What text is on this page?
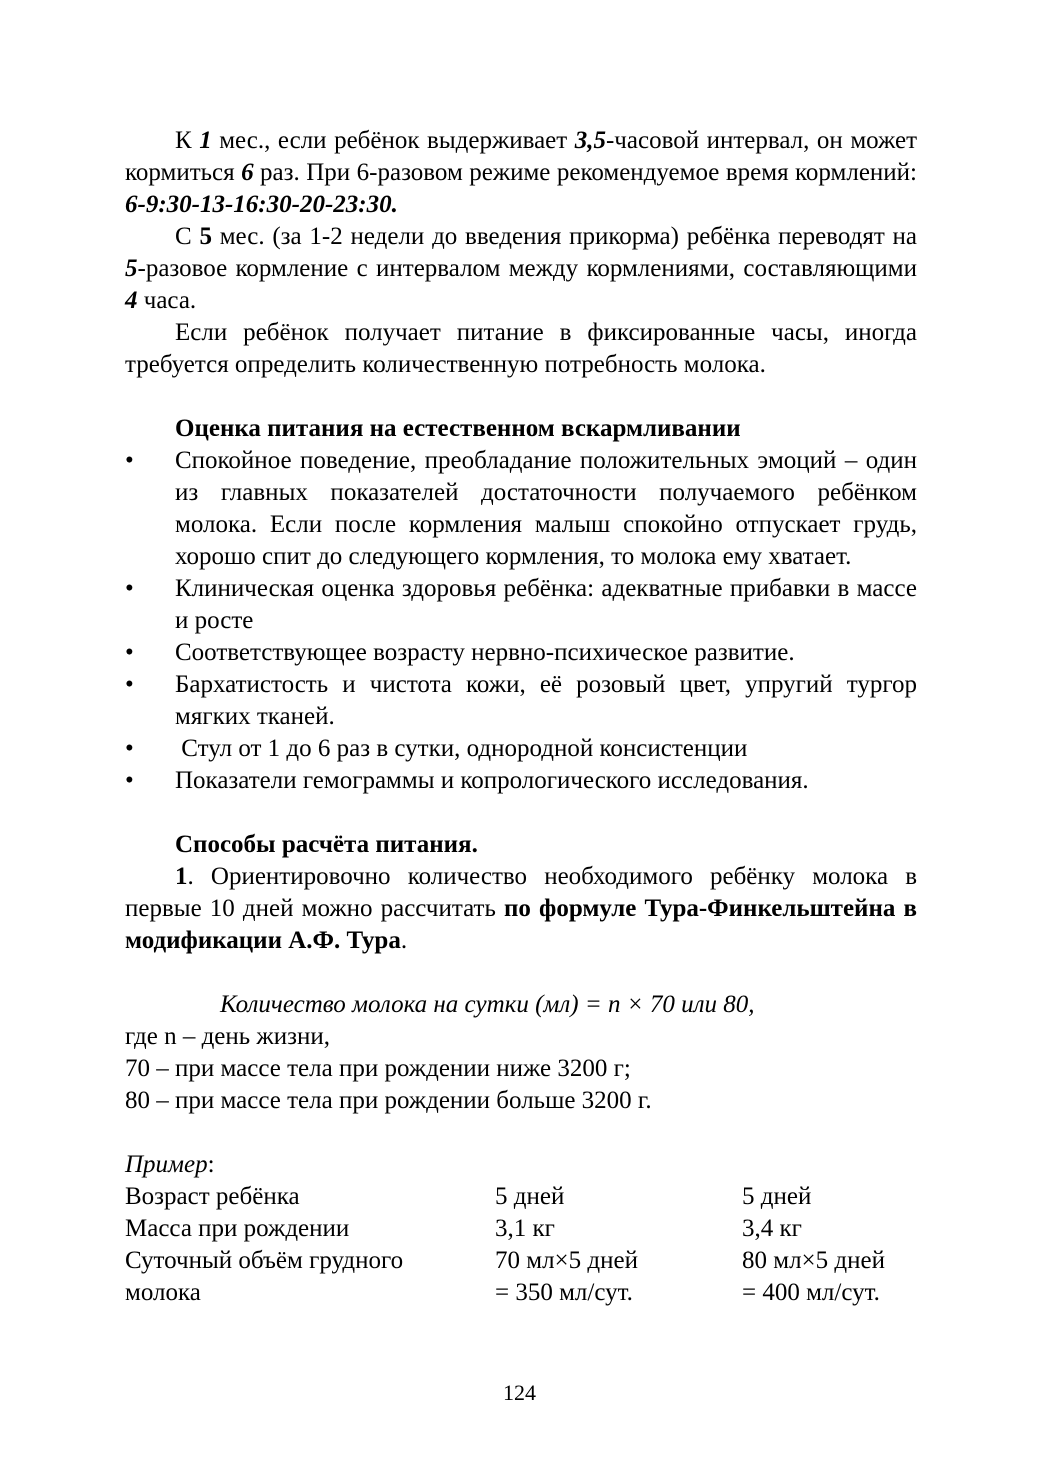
К 1 мес., если ребёнок выдерживает 3,5-часовой интервал, он может кормиться 6 раз. При 6-разовом режиме рекомендуемое время кормлений: 6-9:30-13-16:30-20-23:30.

С 5 мес. (за 1-2 недели до введения прикорма) ребёнка переводят на 5-разовое кормление с интервалом между кормлениями, составляющими 4 часа.

Если ребёнок получает питание в фиксированные часы, иногда требуется определить количественную потребность молока.

Оценка питания на естественном вскармливании

• Спокойное поведение, преобладание положительных эмоций – один из главных показателей достаточности получаемого ребёнком молока. Если после кормления малыш спокойно отпускает грудь, хорошо спит до следующего кормления, то молока ему хватает.
• Клиническая оценка здоровья ребёнка: адекватные прибавки в массе и росте
• Соответствующее возрасту нервно-психическое развитие.
• Бархатистость и чистота кожи, её розовый цвет, упругий тургор мягких тканей.
• Стул от 1 до 6 раз в сутки, однородной консистенции
• Показатели гемограммы и копрологического исследования.

Способы расчёта питания.

1. Ориентировочно количество необходимого ребёнку молока в первые 10 дней можно рассчитать по формуле Тура-Финкельштейна в модификации А.Ф. Тура.

Количество молока на сутки (мл) = n × 70 или 80,

где n – день жизни,

70 – при массе тела при рождении ниже 3200 г;

80 – при массе тела при рождении больше 3200 г.

Пример:

Возраст ребёнка	5 дней	5 дней
Масса при рождении	3,1 кг	3,4 кг
Суточный объём грудного	70 мл×5 дней	80 мл×5 дней
молока	= 350 мл/сут.	= 400 мл/сут.
124
